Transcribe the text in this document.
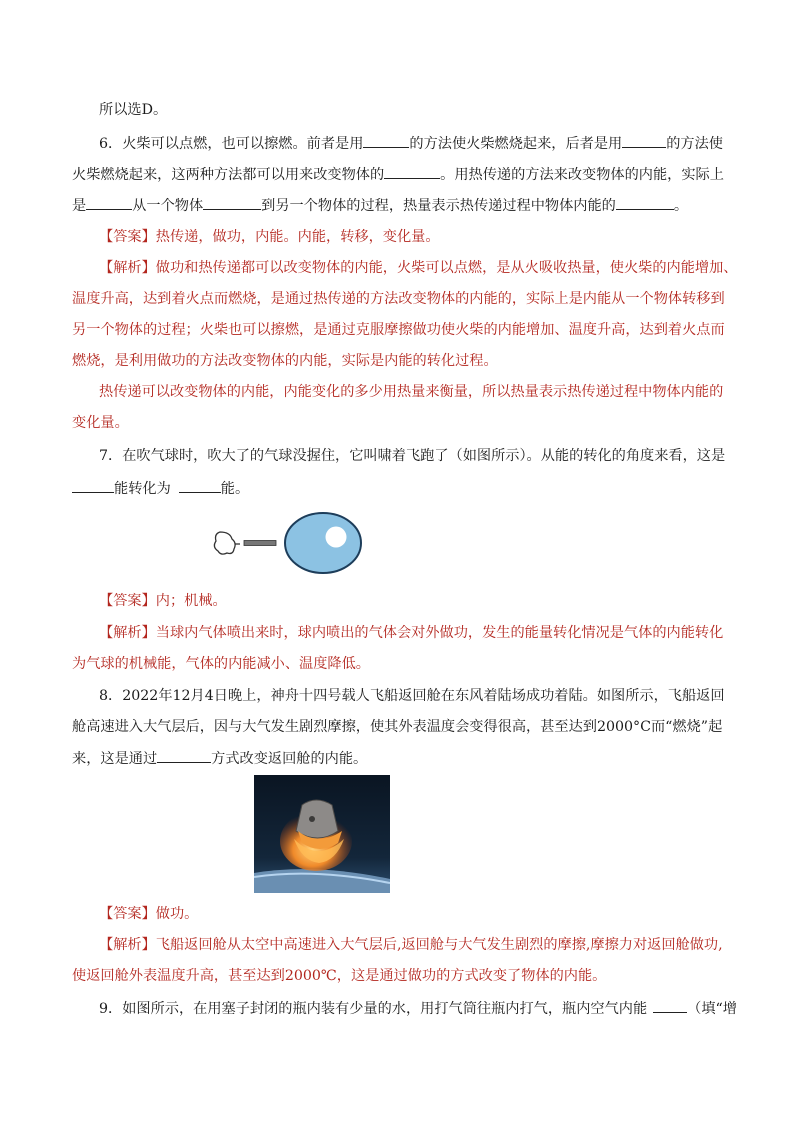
所以选D。
6．火柴可以点燃，也可以擦燃。前者是用	的方法使火柴燃烧起来，后者是用	的方法使
火柴燃烧起来，这两种方法都可以用来改变物体的	。用热传递的方法来改变物体的内能，实际上
是	从一个物体	到另一个物体的过程，热量表示热传递过程中物体内能的	。
【答案】热传递，做功，内能。内能，转移，变化量。
【解析】做功和热传递都可以改变物体的内能，火柴可以点燃，是从火吸收热量，使火柴的内能增加、
温度升高，达到着火点而燃烧，是通过热传递的方法改变物体的内能的，实际上是内能从一个物体转移到
另一个物体的过程；火柴也可以擦燃，是通过克服摩擦做功使火柴的内能增加、温度升高，达到着火点而
燃烧，是利用做功的方法改变物体的内能，实际是内能的转化过程。
热传递可以改变物体的内能，内能变化的多少用热量来衡量，所以热量表示热传递过程中物体内能的
变化量。
7．在吹气球时，吹大了的气球没握住，它叫啸着飞跑了（如图所示）。从能的转化的角度来看，这是
能转化为	能。
【答案】内；机械。
【解析】当球内气体喷出来时，球内喷出的气体会对外做功，发生的能量转化情况是气体的内能转化
为气球的机械能，气体的内能减小、温度降低。
8．2022年12月4日晚上，神舟十四号载人飞船返回舱在东风着陆场成功着陆。如图所示，飞船返回
舱高速进入大气层后，因与大气发生剧烈摩擦，使其外表温度会变得很高，甚至达到2000°C而“燃烧”起
来，这是通过	方式改变返回舱的内能。
【答案】做功。
【解析】飞船返回舱从太空中高速进入大气层后,返回舱与大气发生剧烈的摩擦,摩擦力对返回舱做功,
使返回舱外表温度升高，甚至达到2000℃，这是通过做功的方式改变了物体的内能。
9．如图所示，在用塞子封闭的瓶内装有少量的水，用打气筒往瓶内打气，瓶内空气内能	（填“增
